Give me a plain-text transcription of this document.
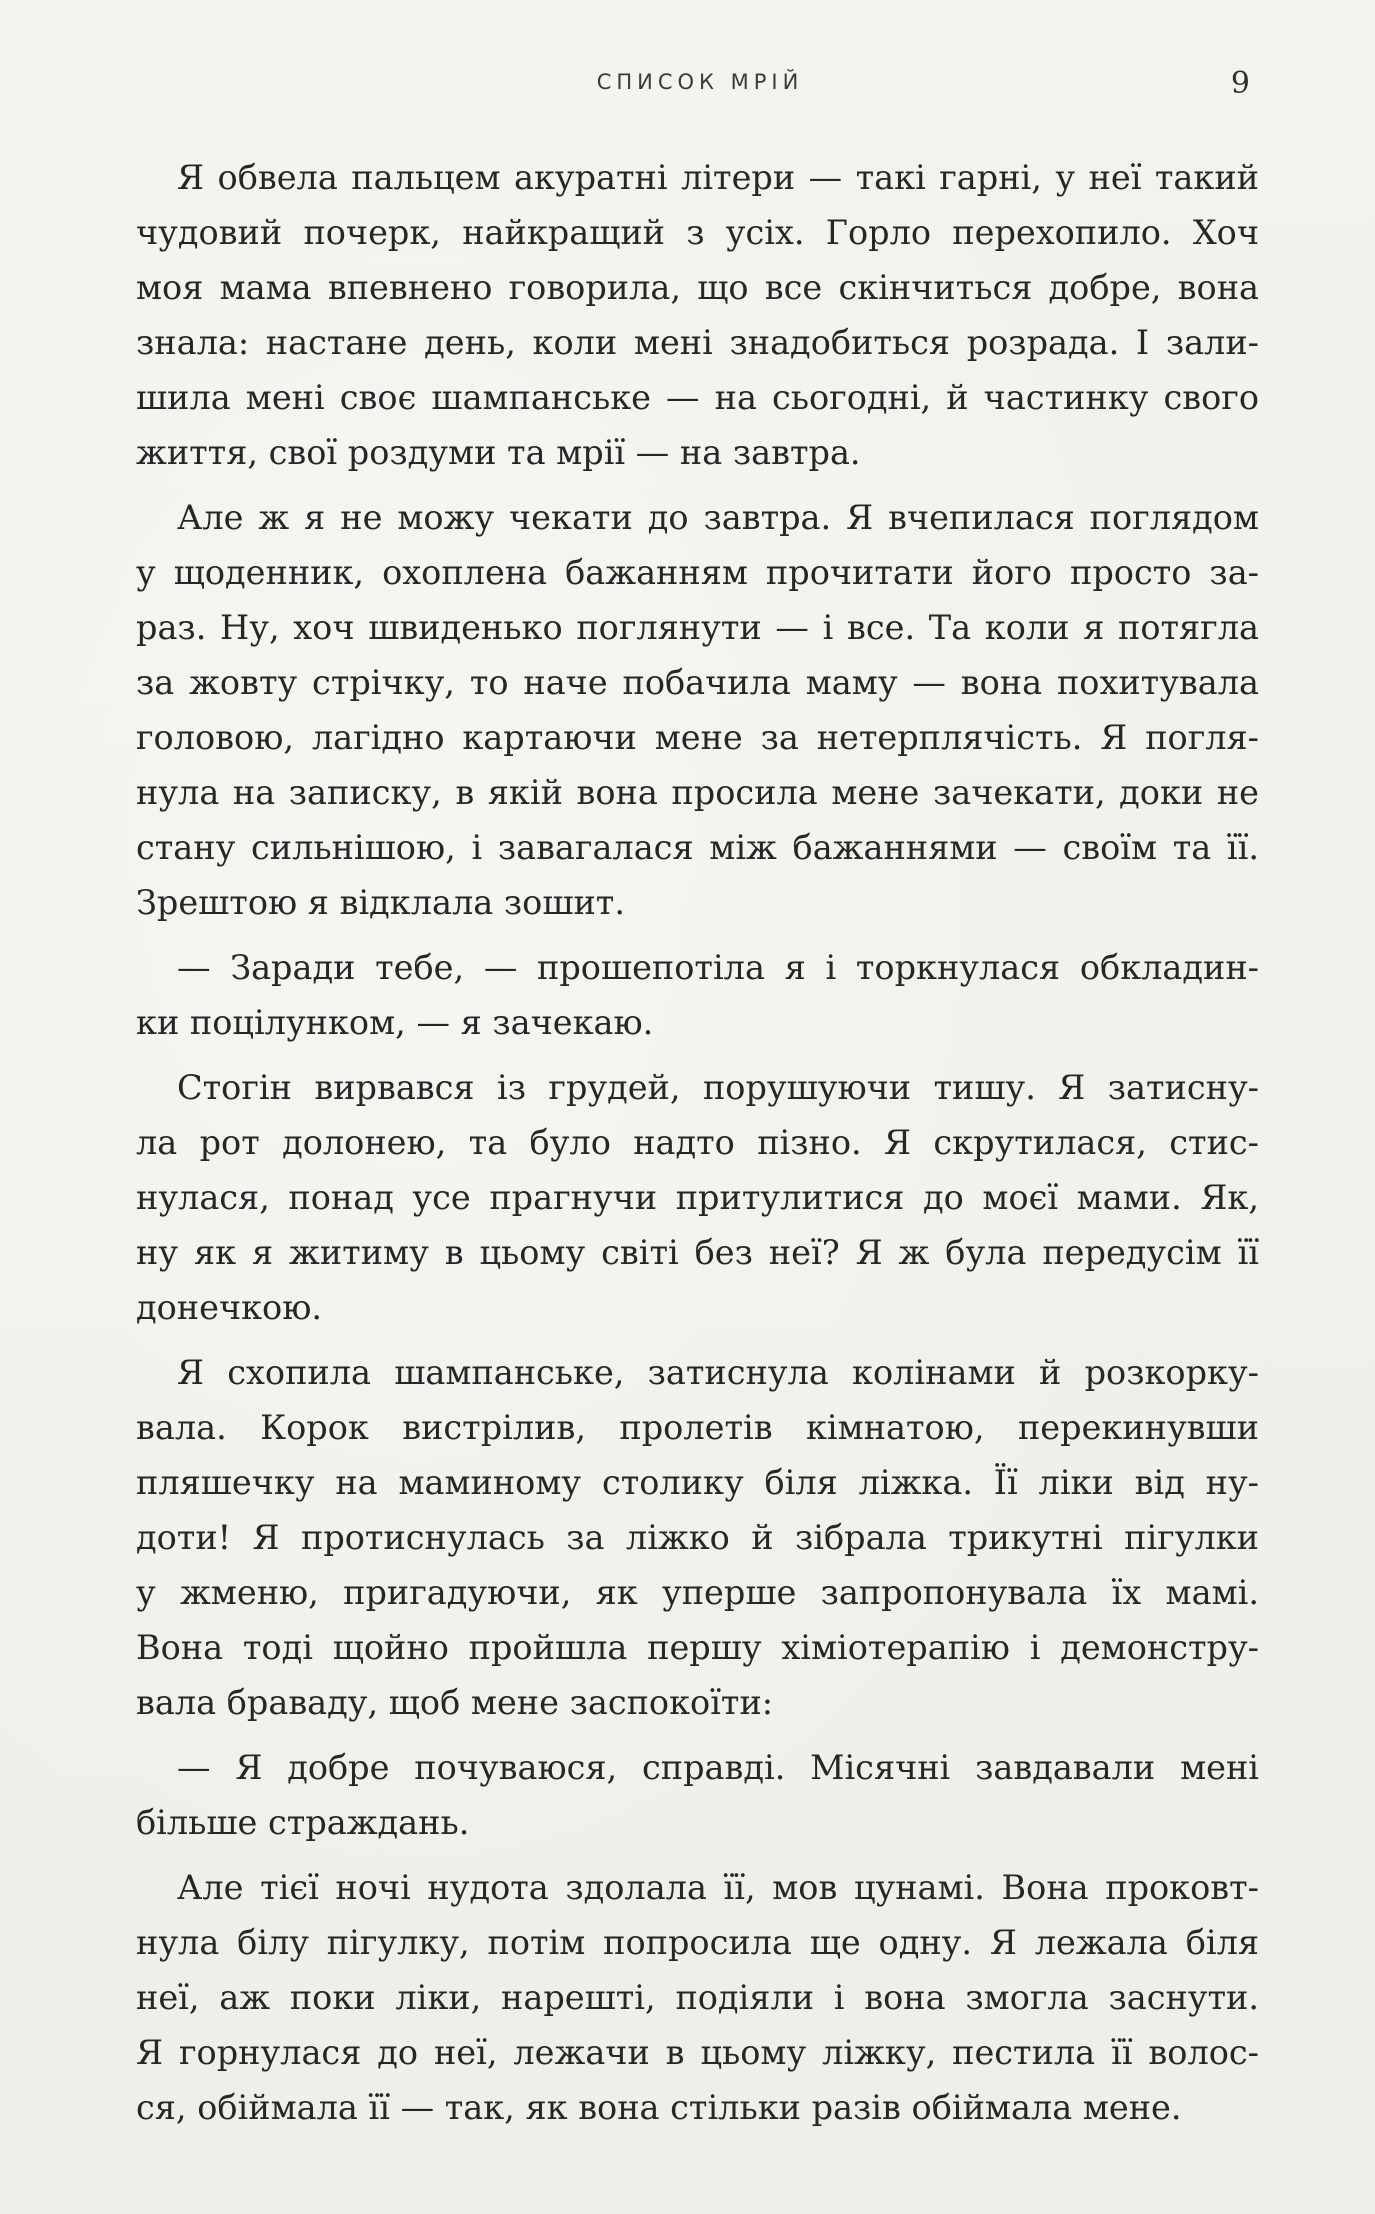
СПИСОК МРІЙ	9
Я обвела пальцем акуратні літери — такі гарні, у неї такий
чудовий почерк, найкращий з усіх. Горло перехопило. Хоч
моя мама впевнено говорила, що все скінчиться добре, вона
знала: настане день, коли мені знадобиться розрада. І зали-
шила мені своє шампанське — на сьогодні, й частинку свого
життя, свої роздуми та мрії — на завтра.
Але ж я не можу чекати до завтра. Я вчепилася поглядом
у щоденник, охоплена бажанням прочитати його просто за-
раз. Ну, хоч швиденько поглянути — і все. Та коли я потягла
за жовту стрічку, то наче побачила маму — вона похитувала
головою, лагідно картаючи мене за нетерплячість. Я погля-
нула на записку, в якій вона просила мене зачекати, доки не
стану сильнішою, і завагалася між бажаннями — своїм та її.
Зрештою я відклала зошит.
— Заради тебе, — прошепотіла я і торкнулася обкладин-
ки поцілунком, — я зачекаю.
Стогін вирвався із грудей, порушуючи тишу. Я затисну-
ла рот долонею, та було надто пізно. Я скрутилася, стис-
нулася, понад усе прагнучи притулитися до моєї мами. Як,
ну як я житиму в цьому світі без неї? Я ж була передусім її
донечкою.
Я схопила шампанське, затиснула колінами й розкорку-
вала. Корок вистрілив, пролетів кімнатою, перекинувши
пляшечку на маминому столику біля ліжка. Її ліки від ну-
доти! Я протиснулась за ліжко й зібрала трикутні пігулки
у жменю, пригадуючи, як уперше запропонувала їх мамі.
Вона тоді щойно пройшла першу хіміотерапію і демонстру-
вала браваду, щоб мене заспокоїти:
— Я добре почуваюся, справді. Місячні завдавали мені
більше страждань.
Але тієї ночі нудота здолала її, мов цунамі. Вона проковт-
нула білу пігулку, потім попросила ще одну. Я лежала біля
неї, аж поки ліки, нарешті, подіяли і вона змогла заснути.
Я горнулася до неї, лежачи в цьому ліжку, пестила її волос-
ся, обіймала її — так, як вона стільки разів обіймала мене.
